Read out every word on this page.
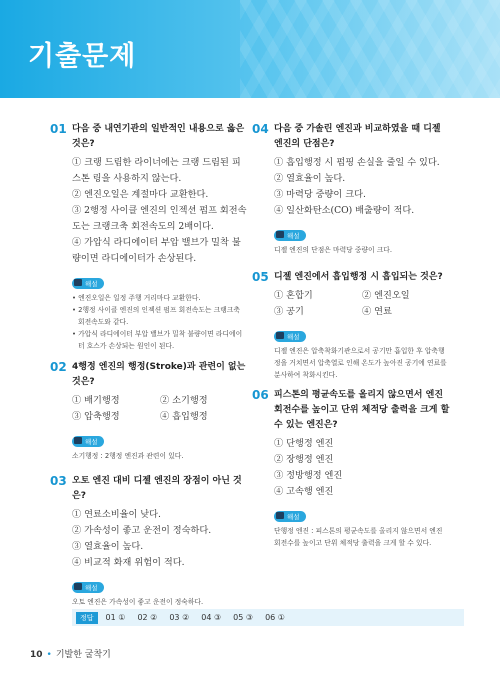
기출문제
01 다음 중 내연기관의 일반적인 내용으로 옳은 것은?
① 크랭 드림한 라이너에는 크랭 드림된 피스톤 링을 사용하지 않는다.
② 엔진오일은 계절마다 교환한다.
③ 2행정 사이클 엔진의 인젝션 펌프 회전속도는 크랭크축 회전속도의 2배이다.
④ 가압식 라디에이터 부압 밸브가 밀착 불량이면 라디에이터가 손상된다.
해설
• 엔진오일은 일정 주행 거리마다 교환한다.
• 2행정 사이클 엔진의 인젝션 펌프 회전속도는 크랭크축 회전속도와 같다.
• 가압식 라디에이터 부압 밸브가 밀착 불량이면 라디에이터 호스가 손상되는 원인이 된다.
02 4행정 엔진의 행정(Stroke)과 관련이 없는 것은?
① 배기행정	② 소기행정
③ 압축행정	④ 흡입행정
해설
소기행정 : 2행정 엔진과 관련이 있다.
03 오토 엔진 대비 디젤 엔진의 장점이 아닌 것은?
① 연료소비율이 낮다.
② 가속성이 좋고 운전이 정숙하다.
③ 열효율이 높다.
④ 비교적 화재 위험이 적다.
해설
오토 엔진은 가속성이 좋고 운전이 정숙하다.
04 다음 중 가솔린 엔진과 비교하였을 때 디젤 엔진의 단점은?
① 흡입행정 시 펌핑 손실을 줄일 수 있다.
② 열효율이 높다.
③ 마력당 중량이 크다.
④ 일산화탄소(CO) 배출량이 적다.
해설
디젤 엔진의 단점은 마력당 중량이 크다.
05 디젤 엔진에서 흡입행정 시 흡입되는 것은?
① 혼합기	② 엔진오일
③ 공기	④ 연료
해설
디젤 엔진은 압축착화기관으로서 공기만 흡입한 후 압축행정을 거치면서 압축열로 인해 온도가 높아진 공기에 연료를 분사하여 착화시킨다.
06 피스톤의 평균속도를 올리지 않으면서 엔진 회전수를 높이고 단위 체적당 출력을 크게 할 수 있는 엔진은?
① 단행정 엔진
② 장행정 엔진
③ 정방행정 엔진
④ 고속행 엔진
해설
단행정 엔진 : 피스톤의 평균속도를 올리지 않으면서 엔진 회전수를 높이고 단위 체적당 출력을 크게 할 수 있다.
정답	01 ① 02 ② 03 ② 04 ③ 05 ③ 06 ①
10 • 기발한 굴착기
